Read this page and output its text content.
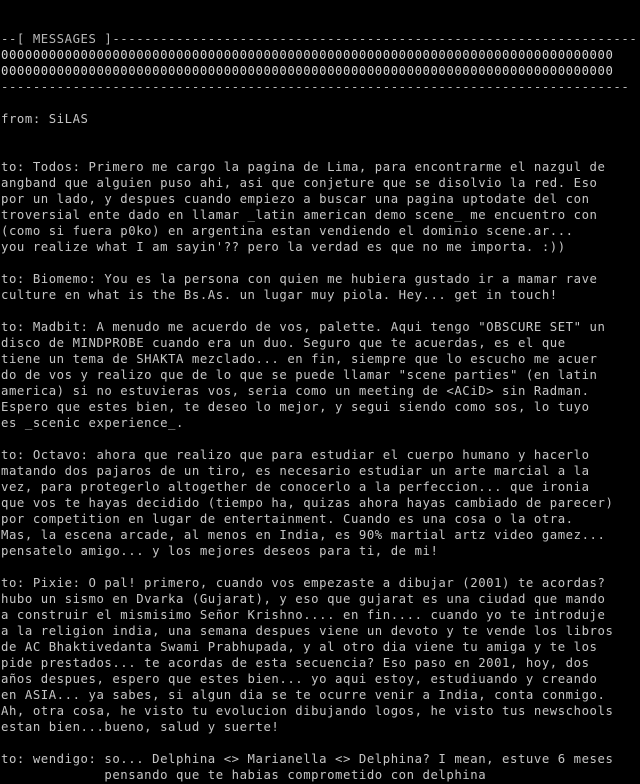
--[ MESSAGES ]------------------------------------------------------------------
00000000000000000000000000000000000000000000000000000000000000000000000000000
00000000000000000000000000000000000000000000000000000000000000000000000000000
-------------------------------------------------------------------------------
from: SiLAS
to: Todos: Primero me cargo la pagina de Lima, para encontrarme el nazgul de
angband que alguien puso ahi, asi que conjeture que se disolvio la red. Eso
por un lado, y despues cuando empiezo a buscar una pagina uptodate del con
troversial ente dado en llamar _latin american demo scene_ me encuentro con
(como si fuera p0ko) en argentina estan vendiendo el dominio scene.ar...
you realize what I am sayin'?? pero la verdad es que no me importa. :))
to: Biomemo: You es la persona con quien me hubiera gustado ir a mamar rave
culture en what is the Bs.As. un lugar muy piola. Hey... get in touch!
to: Madbit: A menudo me acuerdo de vos, palette. Aqui tengo "OBSCURE SET" un
disco de MINDPROBE cuando era un duo. Seguro que te acuerdas, es el que
tiene un tema de SHAKTA mezclado... en fin, siempre que lo escucho me acuer
do de vos y realizo que de lo que se puede llamar "scene parties" (en latin
america) si no estuvieras vos, seria como un meeting de <ACiD> sin Radman.
Espero que estes bien, te deseo lo mejor, y segui siendo como sos, lo tuyo
es _scenic experience_.
to: Octavo: ahora que realizo que para estudiar el cuerpo humano y hacerlo
matando dos pajaros de un tiro, es necesario estudiar un arte marcial a la
vez, para protegerlo altogether de conocerlo a la perfeccion... que ironia
que vos te hayas decidido (tiempo ha, quizas ahora hayas cambiado de parecer)
por competition en lugar de entertainment. Cuando es una cosa o la otra.
Mas, la escena arcade, al menos en India, es 90% martial artz video gamez...
pensatelo amigo... y los mejores deseos para ti, de mi!
to: Pixie: O pal! primero, cuando vos empezaste a dibujar (2001) te acordas?
hubo un sismo en Dvarka (Gujarat), y eso que gujarat es una ciudad que mando
a construir el mismisimo Señor Krishno.... en fin.... cuando yo te introduje
a la religion india, una semana despues viene un devoto y te vende los libros
de AC Bhaktivedanta Swami Prabhupada, y al otro dia viene tu amiga y te los
pide prestados... te acordas de esta secuencia? Eso paso en 2001, hoy, dos
años despues, espero que estes bien... yo aqui estoy, estudiuando y creando
en ASIA... ya sabes, si algun dia se te ocurre venir a India, conta conmigo.
Ah, otra cosa, he visto tu evolucion dibujando logos, he visto tus newschools
estan bien...bueno, salud y suerte!
to: wendigo: so... Delphina <> Marianella <> Delphina? I mean, estuve 6 meses
pensando que te habias comprometido con delphina
